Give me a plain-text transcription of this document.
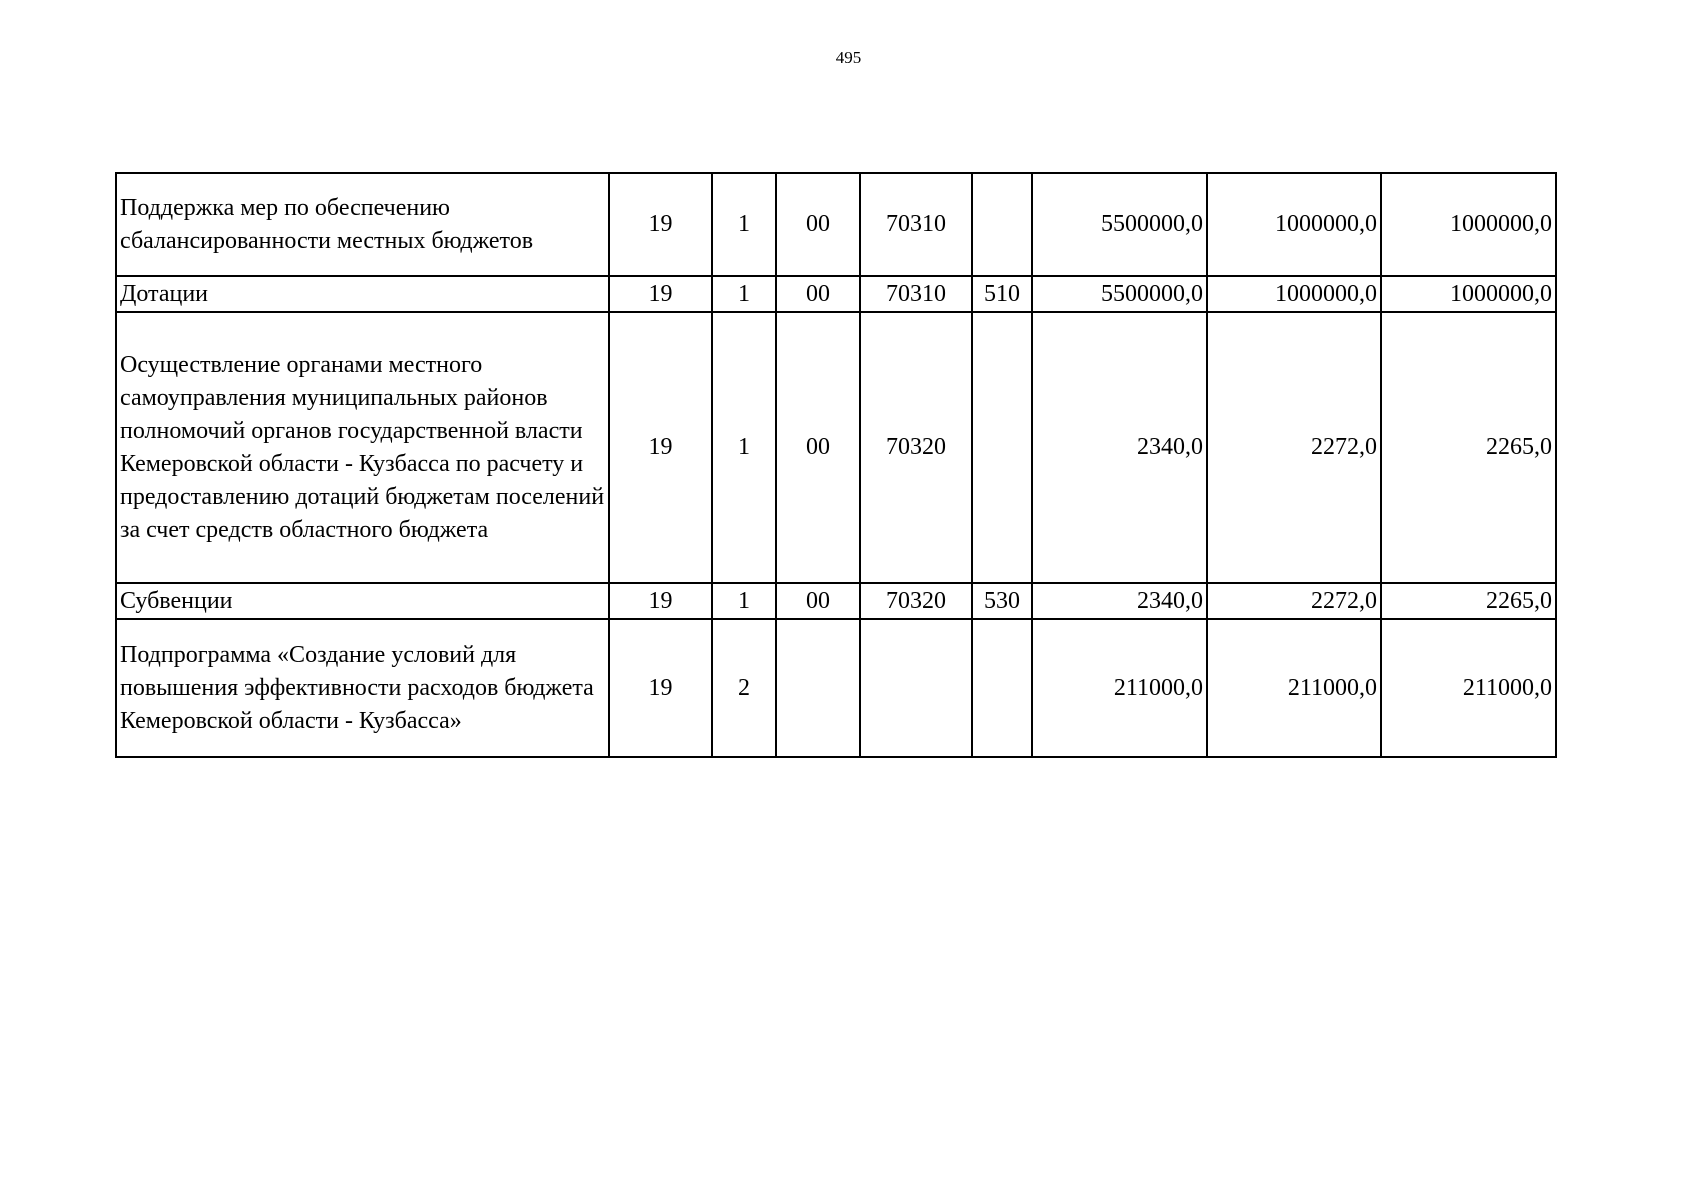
495
Поддержка мер по обеспечению сбалансированности местных бюджетов	19	1	00	70310		5500000,0	1000000,0	1000000,0
Дотации	19	1	00	70310	510	5500000,0	1000000,0	1000000,0
Осуществление органами местного самоуправления муниципальных районов полномочий органов государственной власти Кемеровской области - Кузбасса по расчету и предоставлению дотаций бюджетам поселений за счет средств областного бюджета	19	1	00	70320		2340,0	2272,0	2265,0
Субвенции	19	1	00	70320	530	2340,0	2272,0	2265,0
Подпрограмма «Создание условий для повышения эффективности расходов бюджета Кемеровской области - Кузбасса»	19	2				211000,0	211000,0	211000,0
